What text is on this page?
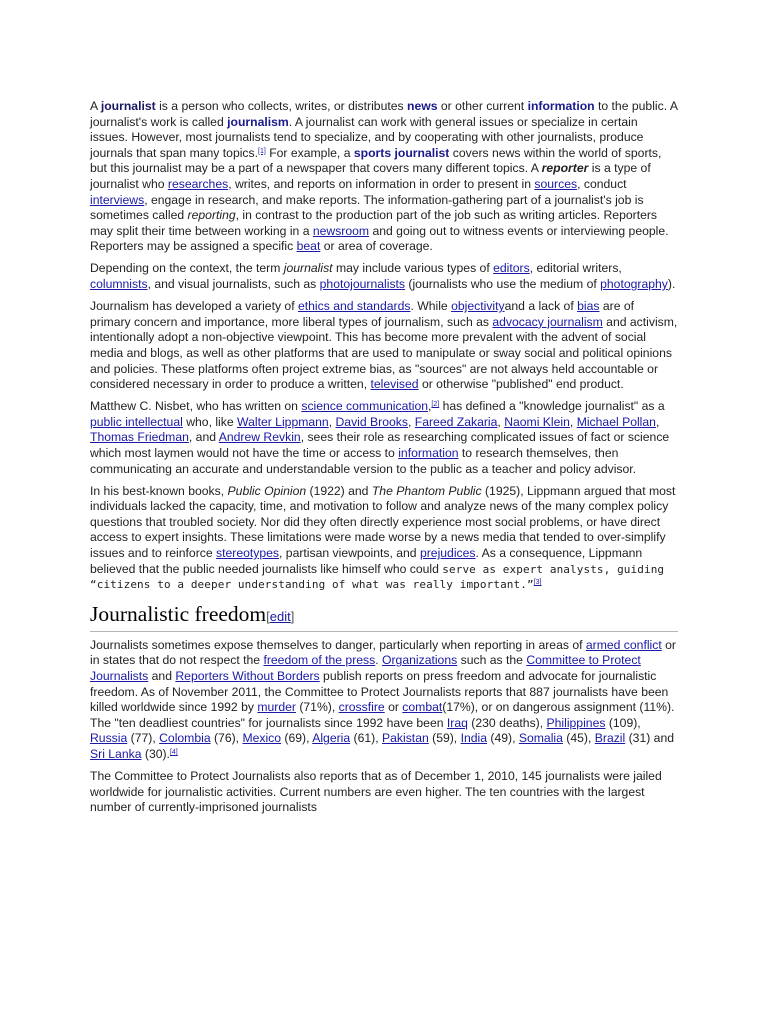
A journalist is a person who collects, writes, or distributes news or other current information to the public. A journalist's work is called journalism. A journalist can work with general issues or specialize in certain issues. However, most journalists tend to specialize, and by cooperating with other journalists, produce journals that span many topics.[1] For example, a sports journalist covers news within the world of sports, but this journalist may be a part of a newspaper that covers many different topics. A reporter is a type of journalist who researches, writes, and reports on information in order to present in sources, conduct interviews, engage in research, and make reports. The information-gathering part of a journalist's job is sometimes called reporting, in contrast to the production part of the job such as writing articles. Reporters may split their time between working in a newsroom and going out to witness events or interviewing people. Reporters may be assigned a specific beat or area of coverage.

Depending on the context, the term journalist may include various types of editors, editorial writers, columnists, and visual journalists, such as photojournalists (journalists who use the medium of photography).

Journalism has developed a variety of ethics and standards. While objectivityand a lack of bias are of primary concern and importance, more liberal types of journalism, such as advocacy journalism and activism, intentionally adopt a non-objective viewpoint. This has become more prevalent with the advent of social media and blogs, as well as other platforms that are used to manipulate or sway social and political opinions and policies. These platforms often project extreme bias, as "sources" are not always held accountable or considered necessary in order to produce a written, televised or otherwise "published" end product.

Matthew C. Nisbet, who has written on science communication,[2] has defined a "knowledge journalist" as a public intellectual who, like Walter Lippmann, David Brooks, Fareed Zakaria, Naomi Klein, Michael Pollan, Thomas Friedman, and Andrew Revkin, sees their role as researching complicated issues of fact or science which most laymen would not have the time or access to information to research themselves, then communicating an accurate and understandable version to the public as a teacher and policy advisor.

In his best-known books, Public Opinion (1922) and The Phantom Public (1925), Lippmann argued that most individuals lacked the capacity, time, and motivation to follow and analyze news of the many complex policy questions that troubled society. Nor did they often directly experience most social problems, or have direct access to expert insights. These limitations were made worse by a news media that tended to over-simplify issues and to reinforce stereotypes, partisan viewpoints, and prejudices. As a consequence, Lippmann believed that the public needed journalists like himself who could serve as expert analysts, guiding “citizens to a deeper understanding of what was really important.”[3]

Journalistic freedom[edit]

Journalists sometimes expose themselves to danger, particularly when reporting in areas of armed conflict or in states that do not respect the freedom of the press. Organizations such as the Committee to Protect Journalists and Reporters Without Borders publish reports on press freedom and advocate for journalistic freedom. As of November 2011, the Committee to Protect Journalists reports that 887 journalists have been killed worldwide since 1992 by murder (71%), crossfire or combat(17%), or on dangerous assignment (11%). The "ten deadliest countries" for journalists since 1992 have been Iraq (230 deaths), Philippines (109), Russia (77), Colombia (76), Mexico (69), Algeria (61), Pakistan (59), India (49), Somalia (45), Brazil (31) and Sri Lanka (30).[4]

The Committee to Protect Journalists also reports that as of December 1, 2010, 145 journalists were jailed worldwide for journalistic activities. Current numbers are even higher. The ten countries with the largest number of currently-imprisoned journalists
